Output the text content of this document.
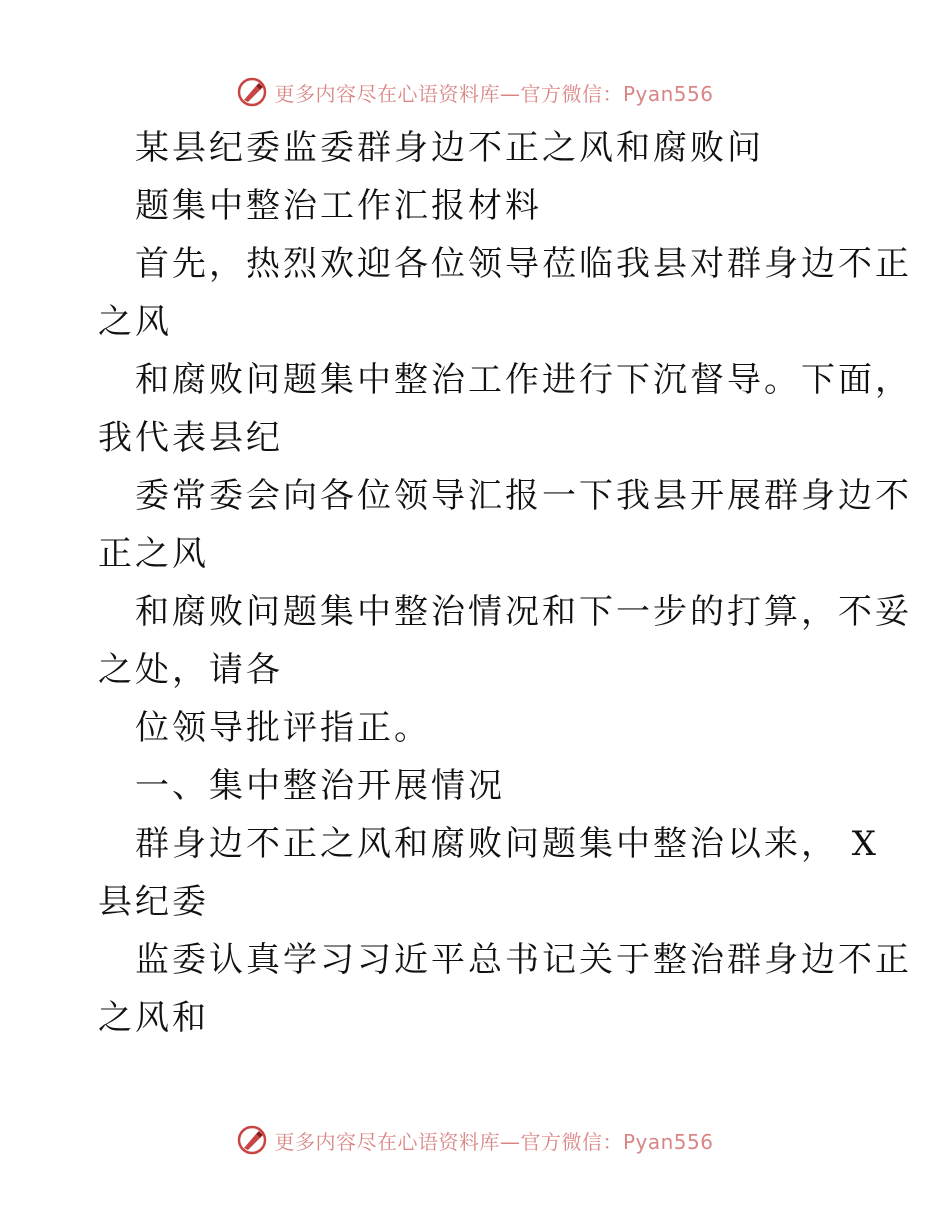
更多内容尽在心语资料库—官方微信：Pyan556
某县纪委监委群身边不正之风和腐败问
题集中整治工作汇报材料
首先，热烈欢迎各位领导莅临我县对群身边不正
之风
和腐败问题集中整治工作进行下沉督导。下面，
我代表县纪
委常委会向各位领导汇报一下我县开展群身边不
正之风
和腐败问题集中整治情况和下一步的打算，不妥
之处，请各
位领导批评指正。
一、集中整治开展情况
群身边不正之风和腐败问题集中整治以来， X
县纪委
监委认真学习习近平总书记关于整治群身边不正
之风和
更多内容尽在心语资料库—官方微信：Pyan556
